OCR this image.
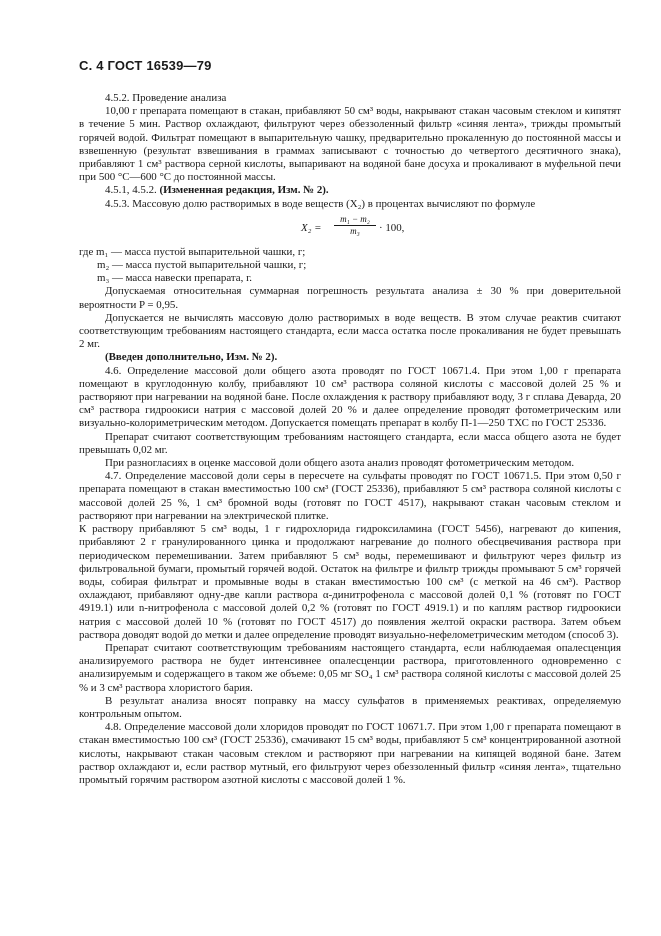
С. 4 ГОСТ 16539—79

4.5.2. Проведение анализа

10,00 г препарата помещают в стакан, прибавляют 50 см³ воды, накрывают стакан часовым стеклом и кипятят в течение 5 мин. Раствор охлаждают, фильтруют через обеззоленный фильтр «синяя лента», трижды промытый горячей водой. Фильтрат помещают в выпарительную чашку, предварительно прокаленную до постоянной массы и взвешенную (результат взвешивания в граммах записывают с точностью до четвертого десятичного знака), прибавляют 1 см³ раствора серной кислоты, выпаривают на водяной бане досуха и прокаливают в муфельной печи при 500 °С—600 °С до постоянной массы.

4.5.1, 4.5.2. (Измененная редакция, Изм. № 2).

4.5.3. Массовую долю растворимых в воде веществ (X₂) в процентах вычисляют по формуле

$X_2 = \frac{\text{m₁ − m₂}}{\text{m₃}} \cdot 100$,

где m₁ — масса пустой выпарительной чашки, г;

m₂ — масса пустой выпарительной чашки, г;

m₃ — масса навески препарата, г.

Допускаемая относительная суммарная погрешность результата анализа ± 30 % при доверительной вероятности P = 0,95.

Допускается не вычислять массовую долю растворимых в воде веществ. В этом случае реактив считают соответствующим требованиям настоящего стандарта, если масса остатка после прокаливания не будет превышать 2 мг.

(Введен дополнительно, Изм. № 2).

4.6. Определение массовой доли общего азота проводят по ГОСТ 10671.4. При этом 1,00 г препарата помещают в круглодонную колбу, прибавляют 10 см³ раствора соляной кислоты с массовой долей 25 % и растворяют при нагревании на водяной бане. После охлаждения к раствору прибавляют воду, 3 г сплава Деварда, 20 см³ раствора гидроокиси натрия с массовой долей 20 % и далее определение проводят фотометрическим или визуально-колориметрическим методом. Допускается помещать препарат в колбу П-1—250 ТХС по ГОСТ 25336.

Препарат считают соответствующим требованиям настоящего стандарта, если масса общего азота не будет превышать 0,02 мг.

При разногласиях в оценке массовой доли общего азота анализ проводят фотометрическим методом.

4.7. Определение массовой доли серы в пересчете на сульфаты проводят по ГОСТ 10671.5. При этом 0,50 г препарата помещают в стакан вместимостью 100 см³ (ГОСТ 25336), прибавляют 5 см³ раствора соляной кислоты с массовой долей 25 %, 1 см³ бромной воды (готовят по ГОСТ 4517), накрывают стакан часовым стеклом и растворяют при нагревании на электрической плитке.

К раствору прибавляют 5 см³ воды, 1 г гидрохлорида гидроксиламина (ГОСТ 5456), нагревают до кипения, прибавляют 2 г гранулированного цинка и продолжают нагревание до полного обесцвечивания раствора при периодическом перемешивании. Затем прибавляют 5 см³ воды, перемешивают и фильтруют через фильтр из фильтровальной бумаги, промытый горячей водой. Остаток на фильтре и фильтр трижды промывают 5 см³ горячей воды, собирая фильтрат и промывные воды в стакан вместимостью 100 см³ (с меткой на 46 см³). Раствор охлаждают, прибавляют одну-две капли раствора α-динитрофенола с массовой долей 0,1 % (готовят по ГОСТ 4919.1) или n-нитрофенола с массовой долей 0,2 % (готовят по ГОСТ 4919.1) и по каплям раствор гидроокиси натрия с массовой долей 10 % (готовят по ГОСТ 4517) до появления желтой окраски раствора. Затем объем раствора доводят водой до метки и далее определение проводят визуально-нефелометрическим методом (способ 3).

Препарат считают соответствующим требованиям настоящего стандарта, если наблюдаемая опалесценция анализируемого раствора не будет интенсивнее опалесценции раствора, приготовленного одновременно с анализируемым и содержащего в таком же объеме: 0,05 мг SO₄ 1 см³ раствора соляной кислоты с массовой долей 25 % и 3 см³ раствора хлористого бария.

В результат анализа вносят поправку на массу сульфатов в применяемых реактивах, определяемую контрольным опытом.

4.8. Определение массовой доли хлоридов проводят по ГОСТ 10671.7. При этом 1,00 г препарата помещают в стакан вместимостью 100 см³ (ГОСТ 25336), смачивают 15 см³ воды, прибавляют 5 см³ концентрированной азотной кислоты, накрывают стакан часовым стеклом и растворяют при нагревании на кипящей водяной бане. Затем раствор охлаждают и, если раствор мутный, его фильтруют через обеззоленный фильтр «синяя лента», тщательно промытый горячим раствором азотной кислоты с массовой долей 1 %.
